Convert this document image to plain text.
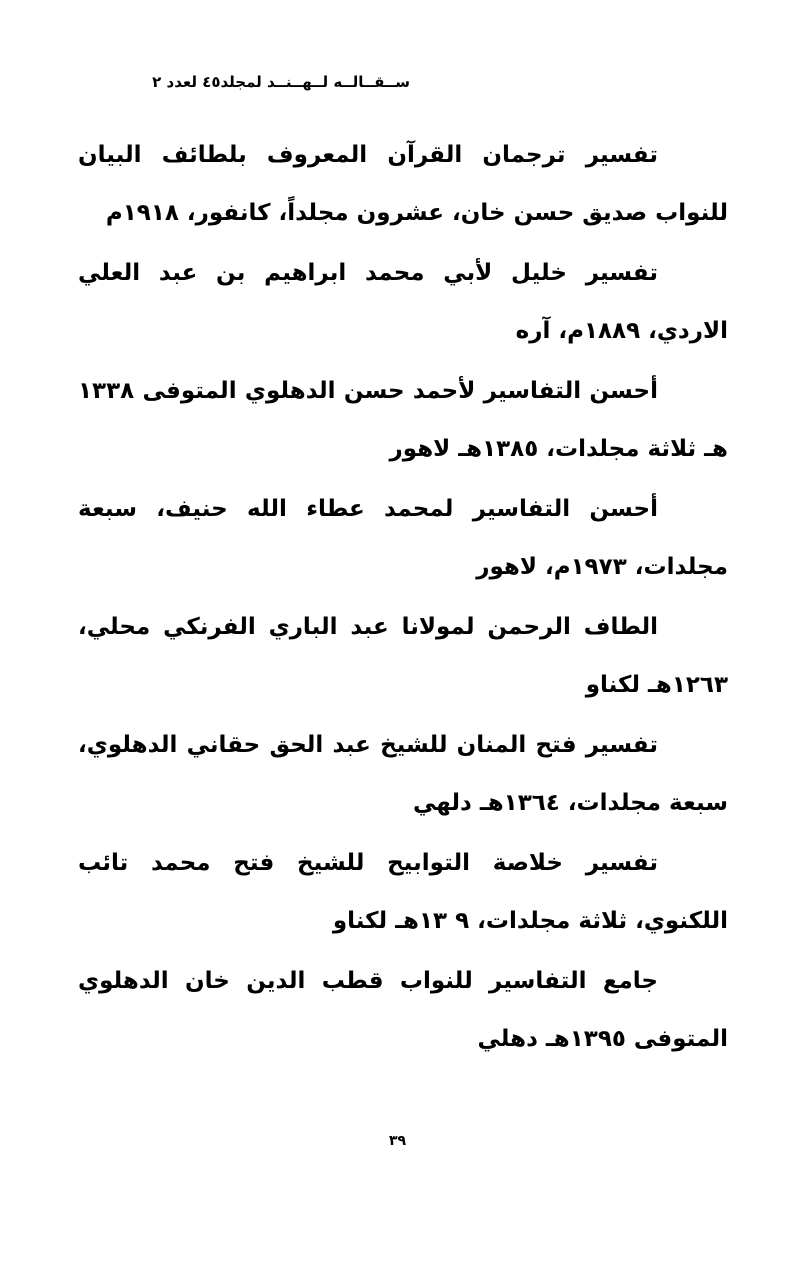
ســقــالــه لــهــنــد لمجلد٤٥ لعدد ٢

تفسير ترجمان القرآن المعروف بلطائف البيان للنواب صديق حسن خان، عشرون مجلداً، كانفور، ١٩١٨م

تفسير خليل لأبي محمد ابراهيم بن عبد العلي الاردي، ١٨٨٩م، آره

أحسن التفاسير لأحمد حسن الدهلوي المتوفى ١٣٣٨ هـ ثلاثة مجلدات، ١٣٨٥هـ لاهور

أحسن التفاسير لمحمد عطاء الله حنيف، سبعة مجلدات، ١٩٧٣م، لاهور

الطاف الرحمن لمولانا عبد الباري الفرنكي محلي، ١٢٦٣هـ لكناو

تفسير فتح المنان للشيخ عبد الحق حقاني الدهلوي، سبعة مجلدات، ١٣٦٤هـ دلهي

تفسير خلاصة التوابيح للشيخ فتح محمد تائب اللكنوي، ثلاثة مجلدات، ٩ ١٣هـ لكناو

جامع التفاسير للنواب قطب الدين خان الدهلوي المتوفى ١٣٩٥هـ دهلي

٣٩
